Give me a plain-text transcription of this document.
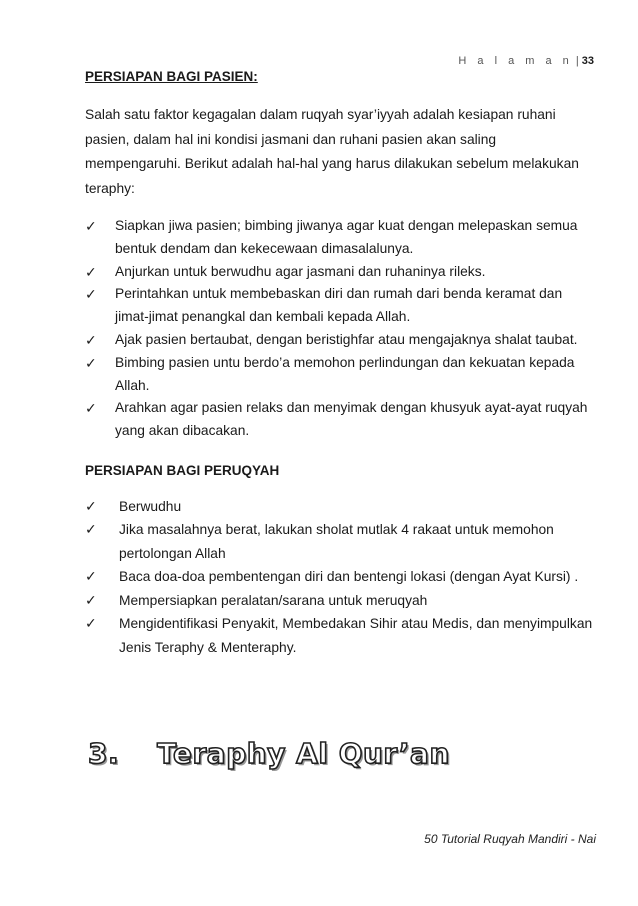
H a l a m a n | 33

PERSIAPAN BAGI PASIEN:

Salah satu faktor kegagalan dalam ruqyah syar’iyyah adalah kesiapan ruhani pasien, dalam hal ini kondisi jasmani dan ruhani pasien akan saling mempengaruhi. Berikut adalah hal-hal yang harus dilakukan sebelum melakukan teraphy:

✓ Siapkan jiwa pasien; bimbing jiwanya agar kuat dengan melepaskan semua bentuk dendam dan kekecewaan dimasalalunya.
✓ Anjurkan untuk berwudhu agar jasmani dan ruhaninya rileks.
✓ Perintahkan untuk membebaskan diri dan rumah dari benda keramat dan jimat-jimat penangkal dan kembali kepada Allah.
✓ Ajak pasien bertaubat, dengan beristighfar atau mengajaknya shalat taubat.
✓ Bimbing pasien untu berdo’a memohon perlindungan dan kekuatan kepada Allah.
✓ Arahkan agar pasien relaks dan menyimak dengan khusyuk ayat-ayat ruqyah yang akan dibacakan.

PERSIAPAN BAGI PERUQYAH

✓ Berwudhu
✓ Jika masalahnya berat, lakukan sholat mutlak 4 rakaat untuk memohon pertolongan Allah
✓ Baca doa-doa pembentengan diri dan bentengi lokasi (dengan Ayat Kursi) .
✓ Mempersiapkan peralatan/sarana untuk meruqyah
✓ Mengidentifikasi Penyakit, Membedakan Sihir atau Medis, dan menyimpulkan Jenis Teraphy & Menteraphy.
3. Teraphy Al Qur’an
50 Tutorial Ruqyah Mandiri - Nai
